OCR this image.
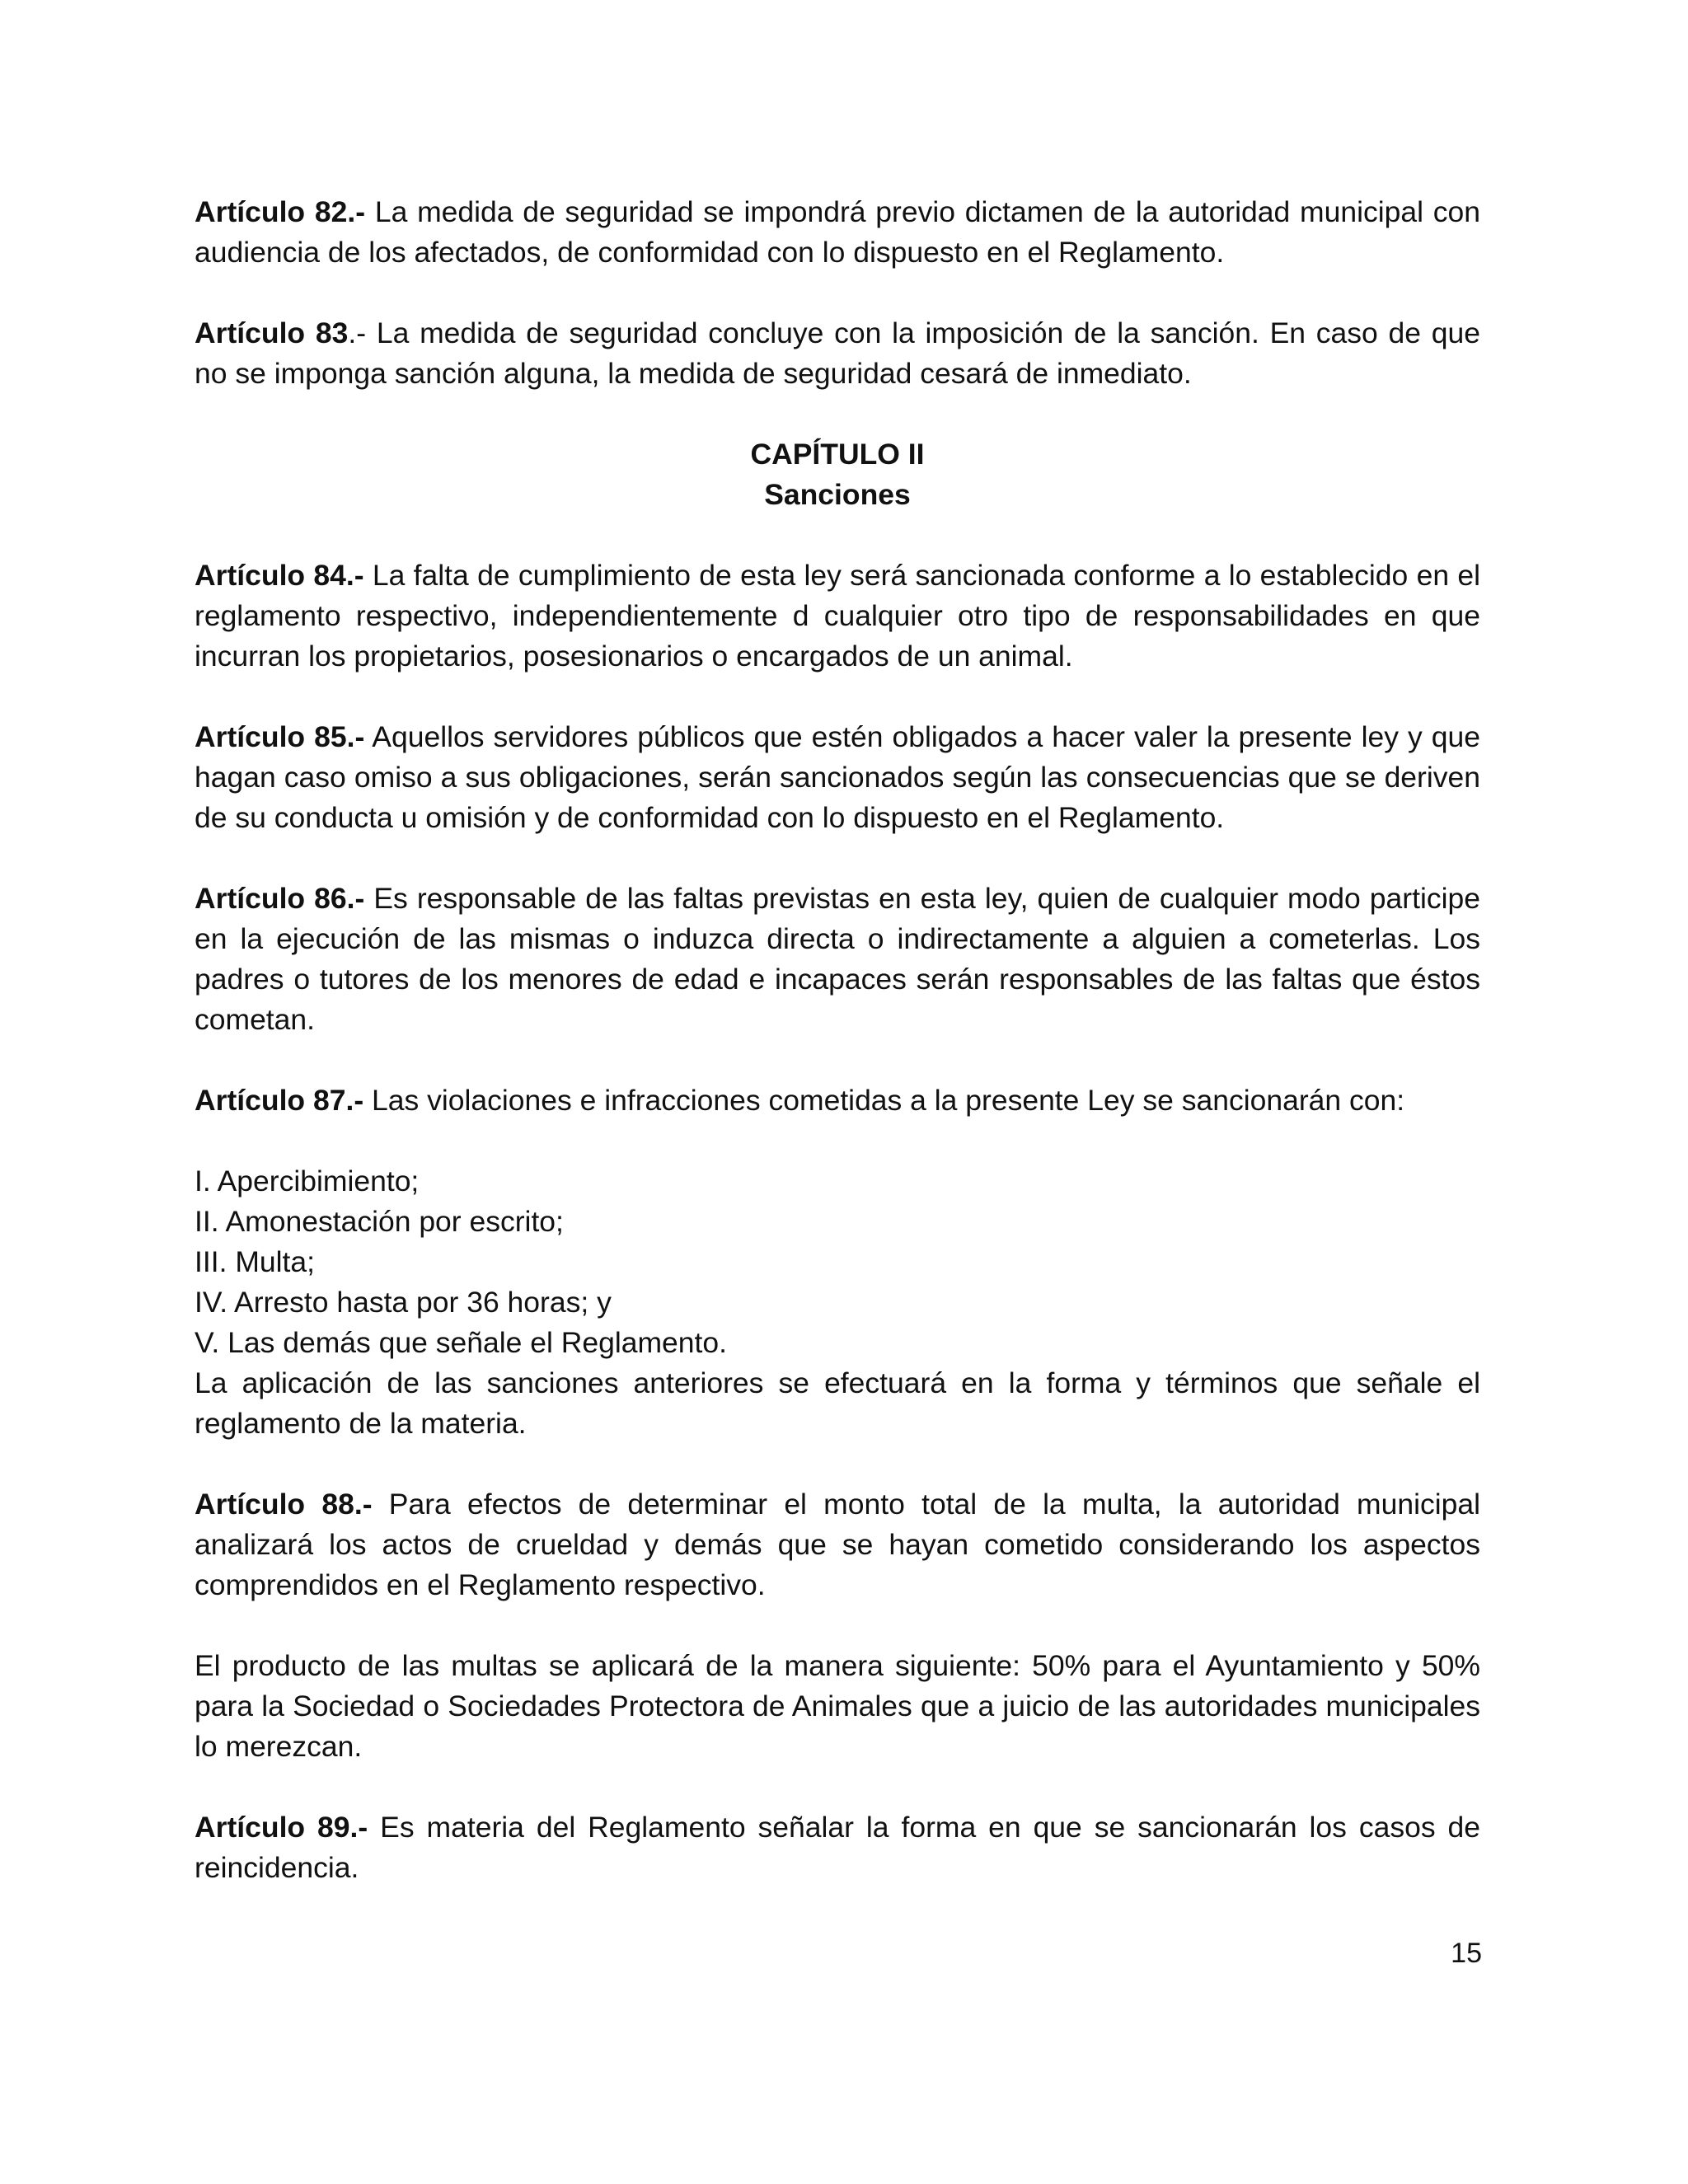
Artículo 82.- La medida de seguridad se impondrá previo dictamen de la autoridad municipal con audiencia de los afectados, de conformidad con lo dispuesto en el Reglamento.

Artículo 83.- La medida de seguridad concluye con la imposición de la sanción. En caso de que no se imponga sanción alguna, la medida de seguridad cesará de inmediato.

CAPÍTULO II
Sanciones

Artículo 84.- La falta de cumplimiento de esta ley será sancionada conforme a lo establecido en el reglamento respectivo, independientemente d cualquier otro tipo de responsabilidades en que incurran los propietarios, posesionarios o encargados de un animal.

Artículo 85.- Aquellos servidores públicos que estén obligados a hacer valer la presente ley y que hagan caso omiso a sus obligaciones, serán sancionados según las consecuencias que se deriven de su conducta u omisión y de conformidad con lo dispuesto en el Reglamento.

Artículo 86.- Es responsable de las faltas previstas en esta ley, quien de cualquier modo participe en la ejecución de las mismas o induzca directa o indirectamente a alguien a cometerlas. Los padres o tutores de los menores de edad e incapaces serán responsables de las faltas que éstos cometan.

Artículo 87.- Las violaciones e infracciones cometidas a la presente Ley se sancionarán con:

I. Apercibimiento;
II. Amonestación por escrito;
III. Multa;
IV. Arresto hasta por 36 horas; y
V. Las demás que señale el Reglamento.

La aplicación de las sanciones anteriores se efectuará en la forma y términos que señale el reglamento de la materia.

Artículo 88.- Para efectos de determinar el monto total de la multa, la autoridad municipal analizará los actos de crueldad y demás que se hayan cometido considerando los aspectos comprendidos en el Reglamento respectivo.

El producto de las multas se aplicará de la manera siguiente: 50% para el Ayuntamiento y 50% para la Sociedad o Sociedades Protectora de Animales que a juicio de las autoridades municipales lo merezcan.

Artículo 89.- Es materia del Reglamento señalar la forma en que se sancionarán los casos de reincidencia.

15
